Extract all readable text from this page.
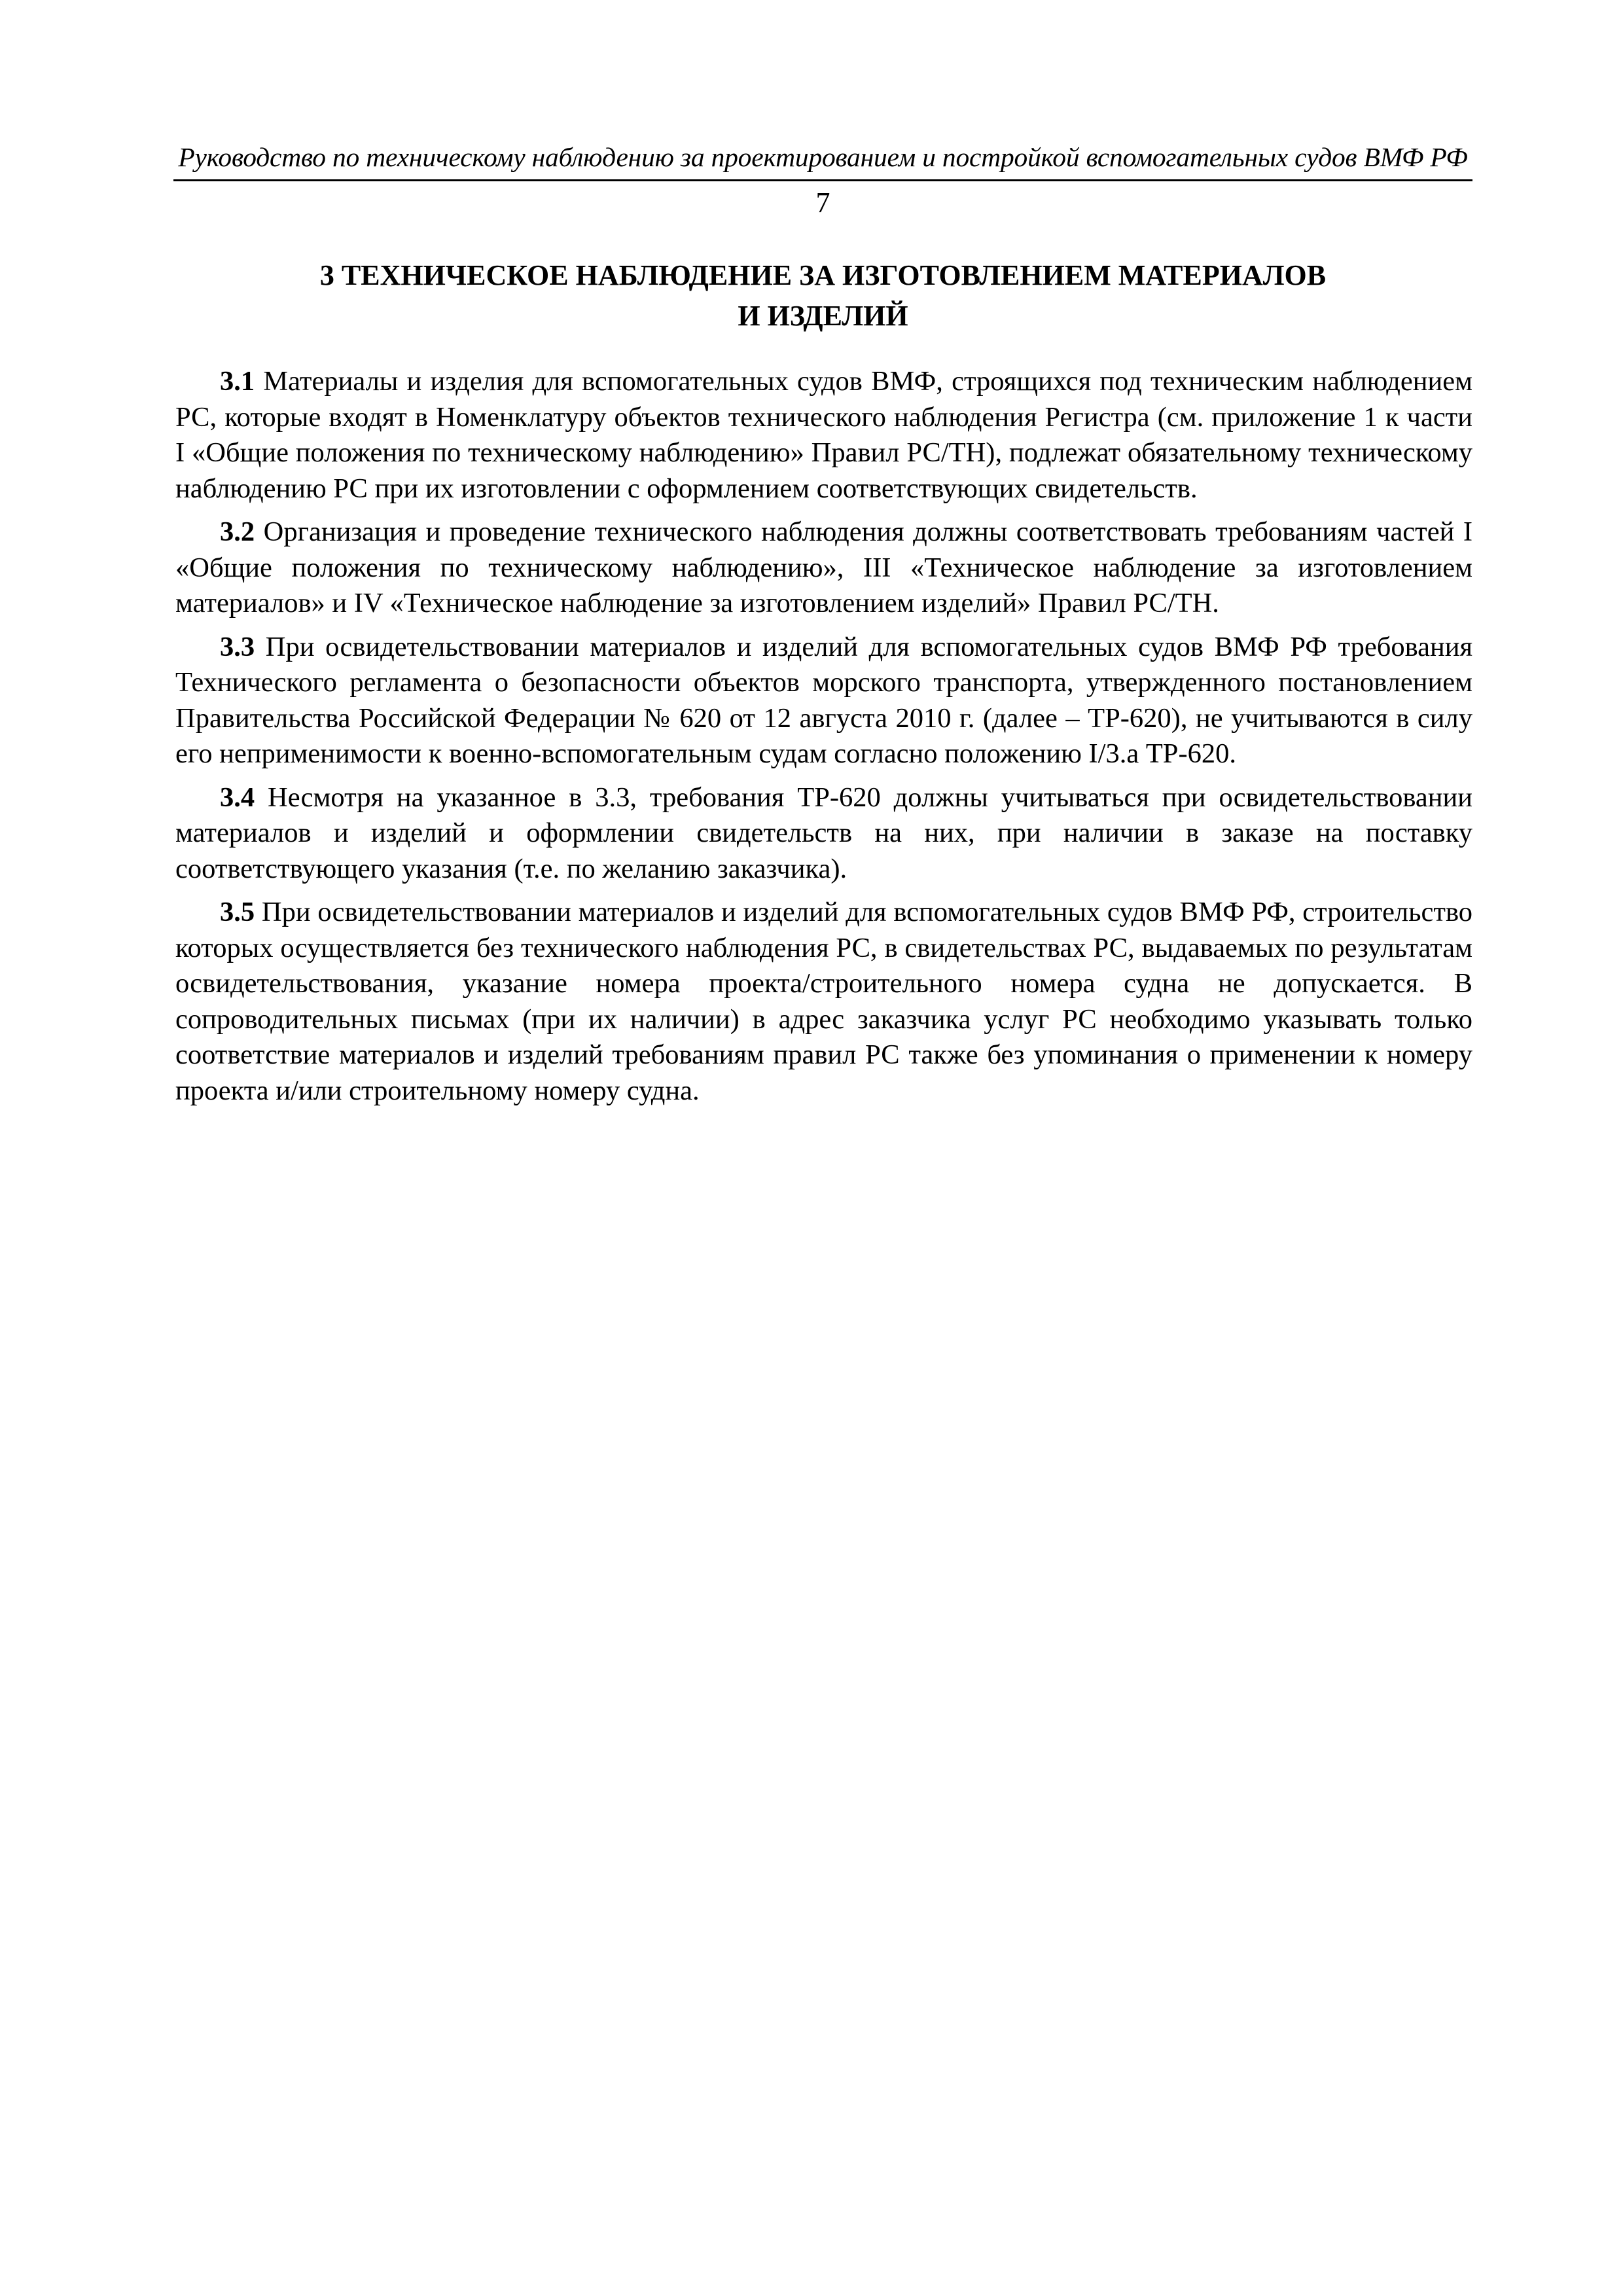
Руководство по техническому наблюдению за проектированием и постройкой вспомогательных судов ВМФ РФ
7
3 ТЕХНИЧЕСКОЕ НАБЛЮДЕНИЕ ЗА ИЗГОТОВЛЕНИЕМ МАТЕРИАЛОВ
И ИЗДЕЛИЙ

3.1 Материалы и изделия для вспомогательных судов ВМФ, строящихся под техническим наблюдением РС, которые входят в Номенклатуру объектов технического наблюдения Регистра (см. приложение 1 к части I «Общие положения по техническому наблюдению» Правил РС/ТН), подлежат обязательному техническому наблюдению РС при их изготовлении с оформлением соответствующих свидетельств.

3.2 Организация и проведение технического наблюдения должны соответствовать требованиям частей I «Общие положения по техническому наблюдению», III «Техническое наблюдение за изготовлением материалов» и IV «Техническое наблюдение за изготовлением изделий» Правил РС/ТН.

3.3 При освидетельствовании материалов и изделий для вспомогательных судов ВМФ РФ требования Технического регламента о безопасности объектов морского транспорта, утвержденного постановлением Правительства Российской Федерации № 620 от 12 августа 2010 г. (далее – ТР-620), не учитываются в силу его неприменимости к военно-вспомогательным судам согласно положению I/3.а ТР-620.

3.4 Несмотря на указанное в 3.3, требования ТР-620 должны учитываться при освидетельствовании материалов и изделий и оформлении свидетельств на них, при наличии в заказе на поставку соответствующего указания (т.е. по желанию заказчика).

3.5 При освидетельствовании материалов и изделий для вспомогательных судов ВМФ РФ, строительство которых осуществляется без технического наблюдения РС, в свидетельствах РС, выдаваемых по результатам освидетельствования, указание номера проекта/строительного номера судна не допускается. В сопроводительных письмах (при их наличии) в адрес заказчика услуг РС необходимо указывать только соответствие материалов и изделий требованиям правил РС также без упоминания о применении к номеру проекта и/или строительному номеру судна.
